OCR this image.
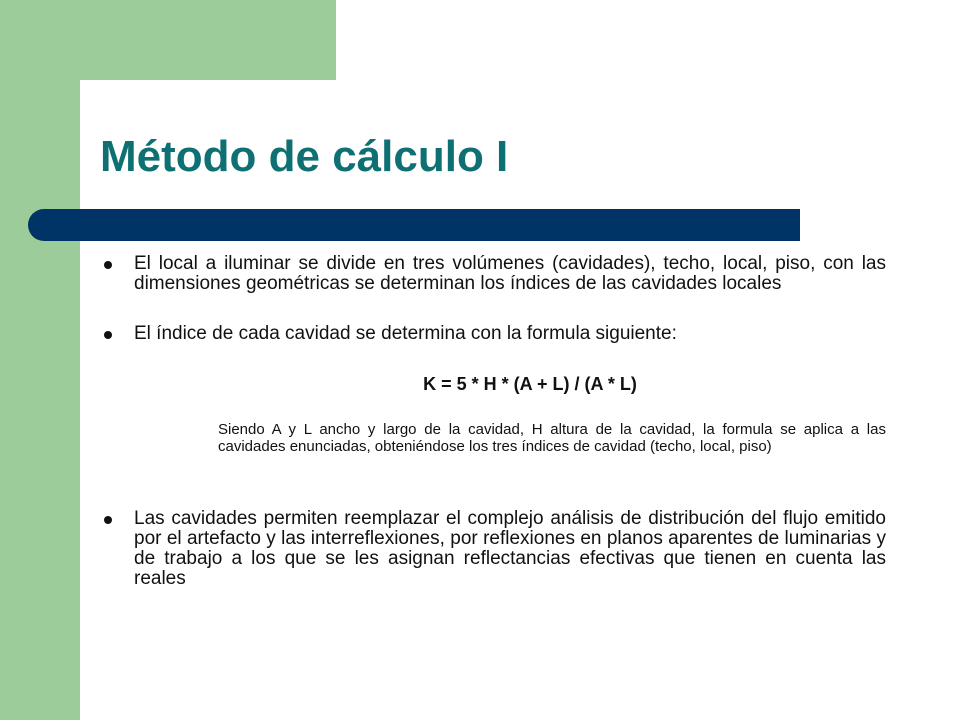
Método de cálculo I
El local a iluminar se divide en tres volúmenes (cavidades), techo, local, piso, con las dimensiones geométricas se determinan los índices de las cavidades locales
El índice de cada cavidad se determina con la formula siguiente:
K = 5 * H * (A + L) / (A * L)
Siendo A y L ancho y largo de la cavidad, H altura de la cavidad, la formula se aplica a las cavidades enunciadas, obteniéndose los tres índices de cavidad (techo, local, piso)
Las cavidades permiten reemplazar el complejo análisis de distribución del flujo emitido por el artefacto y las interreflexiones, por reflexiones en planos aparentes de luminarias y de trabajo a los que se les asignan reflectancias efectivas que tienen en cuenta las reales
